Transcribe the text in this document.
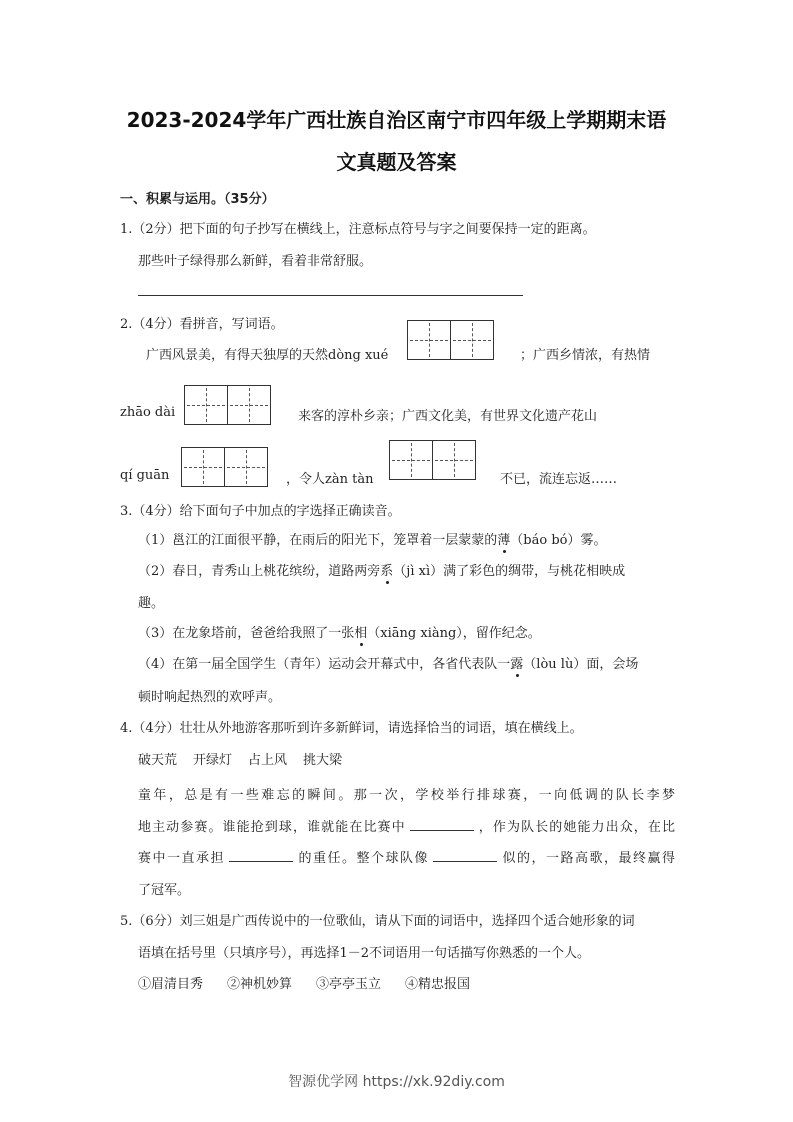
2023-2024学年广西壮族自治区南宁市四年级上学期期末语
文真题及答案
一、积累与运用。（35分）
1.（2分）把下面的句子抄写在横线上，注意标点符号与字之间要保持一定的距离。
那些叶子绿得那么新鲜，看着非常舒服。
2.（4分）看拼音，写词语。
广西风景美，有得天独厚的天然dòng xué	；广西乡情浓，有热情
zhāo dài	来客的淳朴乡亲；广西文化美，有世界文化遗产花山
qí guān	，令人zàn tàn	不已，流连忘返……
3.（4分）给下面句子中加点的字选择正确读音。
（1）邕江的江面很平静，在雨后的阳光下，笼罩着一层蒙蒙的薄（báo bó）雾。
（2）春日，青秀山上桃花缤纷，道路两旁系（jì xì）满了彩色的绸带，与桃花相映成
趣。
（3）在龙象塔前，爸爸给我照了一张相（xiāng xiàng），留作纪念。
（4）在第一届全国学生（青年）运动会开幕式中，各省代表队一露（lòu lù）面，会场
顿时响起热烈的欢呼声。
4.（4分）壮壮从外地游客那听到许多新鲜词，请选择恰当的词语，填在横线上。
破天荒 开绿灯 占上风 挑大梁
童年，总是有一些难忘的瞬间。那一次，学校举行排球赛，一向低调的队长李梦
地主动参赛。谁能抢到球，谁就能在比赛中	，作为队长的她能力出众，在比
赛中一直承担	的重任。整个球队像	似的，一路高歌，最终赢得
了冠军。
5.（6分）刘三姐是广西传说中的一位歌仙，请从下面的词语中，选择四个适合她形象的词
语填在括号里（只填序号），再选择1－2不词语用一句话描写你熟悉的一个人。
①眉清目秀 ②神机妙算 ③亭亭玉立 ④精忠报国
智源优学网 https://xk.92diy.com
